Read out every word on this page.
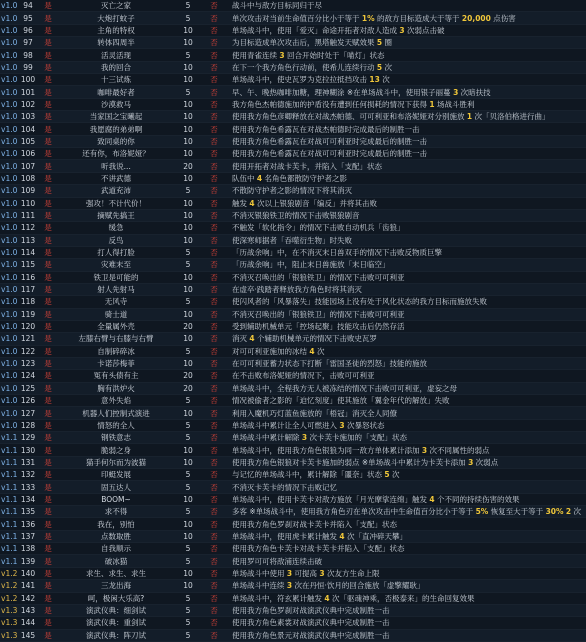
v1.0	94	是	灭亡之家	5	否	战斗中与敌方目标同归于尽
v1.0	95	是	大炮打蚊子	5	否	单次攻击对当前生命值百分比小于等于 1% 的敌方目标造成大于等于 20,000 点伤害
v1.0	96	是	主角的特权	10	否	单场战斗中，使用「爱灭」命途开拓者对敌人造成 3 次弱点击破
v1.0	97	是	转体四周半	10	否	为目标造成单次攻击后，黑塔触发天赋效果 5 圈
v1.0	98	是	活灵活现	5	否	使用青雀连续 3 回合开始时处于「喵灯」状态
v1.0	99	是	我的回合	10	否	在下一个我方角色行动前，使希儿连续行动 5 次
v1.0	100	是	十三试炼	10	否	单场战斗中，使史瓦罗为克拉拉抵挡攻击 13 次
v1.0	101	是	咖啡最好者	5	否	早、午、晚热咖啡加糖，理神糊涂 ※在单场战斗中，使用银子丽蔓 3 次暗扶技
v1.0	102	是	沙漠救马	10	否	我方角色杰帕德施加的护盾没有遭到任何损耗的情况下获得 1 场战斗胜利
v1.0	103	是	当家国之宝曦起	10	否	使用我方角色彦卿释放在对战杰帕德、可可利亚和布洛妮娅对分别施放 1 次「贝洛伯格进行曲」
v1.0	104	是	我愿腐的弟弟啊	10	否	使用我方角色希露瓦在对战杰帕德时完成最后的制胜一击
v1.0	105	是	致同桌的你	10	否	使用我方角色希露瓦在对战可可利亚时完成最后的制胜一击
v1.0	106	是	还有你，布洛妮娅？	10	否	使用我方角色希露瓦在对战可可利亚时完成最后的制胜一击
v1.0	107	是	听我说...	20	否	使用开拓者对战卡芙卡，并陷入「支配」状态
v1.0	108	是	不讲武德	10	否	队伍中 4 名角色都散防守护者之影
v1.0	109	是	武道充沛	5	否	不散防守护者之影的情况下将其消灭
v1.0	110	是	强攻！不计代价！	10	否	触发 4 次以上银狼剧音「编反」并将其击败
v1.0	111	是	摘赋先搞王	10	否	不消灭银狼铁卫的情况下击败银狼剧音
v1.0	112	是	缓急	10	否	不触发「软化指令」的情况下击败自动机兵「齿狼」
v1.0	113	是	反鸟	10	否	使深寒师据者「吞噬衍生物」时失败
v1.0	114	是	打人得打脸	5	否	「历战余响」中，在不消灭末日兽双手的情况下击败反物质巨擎
v1.0	115	是	灾难末至	5	否	「历战余响」中，阻止末日兽施放「末日临空」
v1.0	116	是	铁卫是可能的	10	否	不消灭召唤出的「银狼铁卫」的情况下击败可可利亚
v1.0	117	是	射人先射马	10	否	在虚卒·践踏者释放我方角色时将其消灭
v1.0	118	是	无风寺	5	否	使闪风者的「风暴落失」技能园场上没有处于风化状态的我方目标而施放失败
v1.0	119	是	骑士道	10	否	不消灭召唤出的「银狼铁卫」的情况下击败可可利亚
v1.0	120	是	全量属外壳	20	否	受到辅助机械单元「控场起聚」技能攻击后仍然存活
v1.0	121	是	左膝右臂与右膝与右臂	10	否	消灭 4 个辅助机械单元的情况下击败史瓦罗
v1.0	122	是	自制碎碎冰	5	否	对可可利亚施加的冰结 4 次
v1.0	123	是	卡诺莎梅菲	10	否	在可可利亚蓄力状态下打断「雷国圣徒的烈怒」技能的施放
v1.0	124	是	冤有头债有主	20	否	在不击败布洛妮娅的情况下，击败可可利亚
v1.0	125	是	胸有洪炉火	20	否	单场战斗中，全程我方无人被冻结的情况下击败可可利亚，虚妄之母
v1.0	126	是	意外失焰	5	否	情况被偷者之影的「迫忆刻度」使其施放「翼金年代的解放」失败
v1.0	127	是	机器人们控制式演进	10	否	利用入魔机巧灯蓝鱼施放的「梧冠」消灭全人同僚
v1.0	128	是	情怒的全人	5	否	单场战斗中累计让全人可燃进入 3 次暴怒状态
v1.1	129	是	钢铁意志	5	否	单场战斗中累计解除 3 次卡芙卡施加的「支配」状态
v1.1	130	是	脆弱之身	10	否	单场战斗中，使用我方角色银狼为同一敌方单体累计添加 3 次不同属性的弱点
v1.1	131	是	猫手何尔而为波猫	10	否	使用我方角色银狼对卡芙卡施加的弱点 ※单场战斗中累计为卡芙卡添加 3 次弱点
v1.1	132	是	印蜓发展	5	否	与记忆的单场战斗中，累计解除「噩奈」状态 5 次
v1.1	133	是	固五达人	5	否	不消灭卡芙卡的情况下击败记忆
v1.1	134	是	BOOM~	10	否	单场战斗中，使用卡芙卡对敌方施放「月光摩挲连绵」触发 4 个不同的持续伤害的效果
v1.1	135	是	求不得	5	否	多客 ※单场战斗中，使用我方角色刃在单次攻击中生命值百分比小于等于 5% 恢复至大于等于 30% 2 次
v1.1	136	是	我在，别怕	10	否	使用我方角色罗刹对战卡芙卡并陷入「支配」状态
v1.1	137	是	点数取胜	10	否	单场战斗中，使用虎卡累计触发 4 次「直冲碎天攀」
v1.1	138	是	自我顺示	5	否	使用我方角色卡芙卡对战卡芙卡并陷入「支配」状态
v1.1	139	是	破冰猫	5	否	使用罗可可将敌浦连续击破
v1.2	140	是	求生、求生、求生	10	否	单场战斗中使用 3 可提高 3 次友方生命上限
v1.2	141	是	三龙出海	10	否	单场战斗中连续 3 次在丹恒·饮月的回合施放「虚擎耀耿」
v1.2	142	是	呵，极闲大乐高?	5	否	单场战斗中，符玄累计触发 4 次「驱魂神乘，否极泰来」的生命回复效果
v1.3	143	是	演武仪典：细剑试	5	否	使用我方角色罗刹对战演武仪典中完成制胜一击
v1.3	144	是	演武仪典：重剑试	5	否	使用我方角色素裳对战演武仪典中完成制胜一击
v1.3	145	是	演武仪典：阵刀试	5	否	使用我方角色景元对战演武仪典中完成制胜一击
